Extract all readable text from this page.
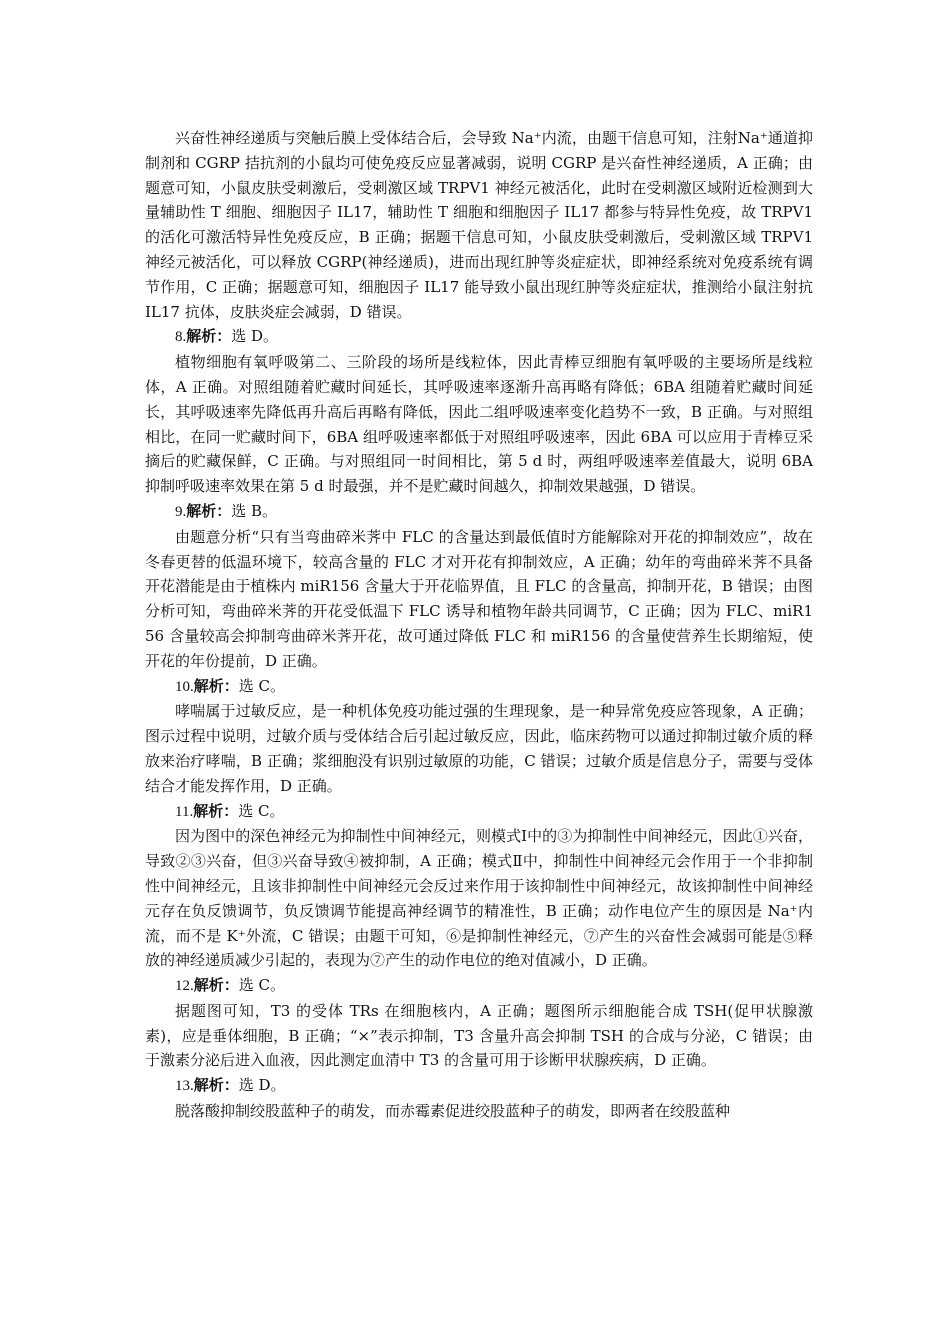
兴奋性神经递质与突触后膜上受体结合后，会导致 Na⁺内流，由题干信息可知，注射Na⁺通道抑制剂和 CGRP 拮抗剂的小鼠均可使免疫反应显著减弱，说明 CGRP 是兴奋性神经递质，A 正确；由题意可知，小鼠皮肤受刺激后，受刺激区域 TRPV1 神经元被活化，此时在受刺激区域附近检测到大量辅助性 T 细胞、细胞因子 IL17，辅助性 T 细胞和细胞因子 IL17 都参与特异性免疫，故 TRPV1 的活化可激活特异性免疫反应，B 正确；据题干信息可知，小鼠皮肤受刺激后，受刺激区域 TRPV1 神经元被活化，可以释放 CGRP(神经递质)，进而出现红肿等炎症症状，即神经系统对免疫系统有调节作用，C 正确；据题意可知，细胞因子 IL17 能导致小鼠出现红肿等炎症症状，推测给小鼠注射抗 IL17 抗体，皮肤炎症会减弱，D 错误。

8.解析：选 D。

植物细胞有氧呼吸第二、三阶段的场所是线粒体，因此青棒豆细胞有氧呼吸的主要场所是线粒体，A 正确。对照组随着贮藏时间延长，其呼吸速率逐渐升高再略有降低；6BA 组随着贮藏时间延长，其呼吸速率先降低再升高后再略有降低，因此二组呼吸速率变化趋势不一致，B 正确。与对照组相比，在同一贮藏时间下，6BA 组呼吸速率都低于对照组呼吸速率，因此 6BA 可以应用于青棒豆采摘后的贮藏保鲜，C 正确。与对照组同一时间相比，第 5 d 时，两组呼吸速率差值最大，说明 6BA 抑制呼吸速率效果在第 5 d 时最强，并不是贮藏时间越久，抑制效果越强，D 错误。

9.解析：选 B。

由题意分析“只有当弯曲碎米荠中 FLC 的含量达到最低值时方能解除对开花的抑制效应”，故在冬春更替的低温环境下，较高含量的 FLC 才对开花有抑制效应，A 正确；幼年的弯曲碎米荠不具备开花潜能是由于植株内 miR156 含量大于开花临界值，且 FLC 的含量高，抑制开花，B 错误；由图分析可知，弯曲碎米荠的开花受低温下 FLC 诱导和植物年龄共同调节，C 正确；因为 FLC、miR156 含量较高会抑制弯曲碎米荠开花，故可通过降低 FLC 和 miR156 的含量使营养生长期缩短，使开花的年份提前，D 正确。

10.解析：选 C。

哮喘属于过敏反应，是一种机体免疫功能过强的生理现象，是一种异常免疫应答现象，A 正确；图示过程中说明，过敏介质与受体结合后引起过敏反应，因此，临床药物可以通过抑制过敏介质的释放来治疗哮喘，B 正确；浆细胞没有识别过敏原的功能，C 错误；过敏介质是信息分子，需要与受体结合才能发挥作用，D 正确。

11.解析：选 C。

因为图中的深色神经元为抑制性中间神经元，则模式Ⅰ中的③为抑制性中间神经元，因此①兴奋，导致②③兴奋，但③兴奋导致④被抑制，A 正确；模式Ⅱ中，抑制性中间神经元会作用于一个非抑制性中间神经元，且该非抑制性中间神经元会反过来作用于该抑制性中间神经元，故该抑制性中间神经元存在负反馈调节，负反馈调节能提高神经调节的精准性，B 正确；动作电位产生的原因是 Na⁺内流，而不是 K⁺外流，C 错误；由题干可知，⑥是抑制性神经元，⑦产生的兴奋性会减弱可能是⑤释放的神经递质减少引起的，表现为⑦产生的动作电位的绝对值减小，D 正确。

12.解析：选 C。

据题图可知，T3 的受体 TRs 在细胞核内，A 正确；题图所示细胞能合成 TSH(促甲状腺激素)，应是垂体细胞，B 正确；“×”表示抑制，T3 含量升高会抑制 TSH 的合成与分泌，C 错误；由于激素分泌后进入血液，因此测定血清中 T3 的含量可用于诊断甲状腺疾病，D 正确。

13.解析：选 D。

脱落酸抑制绞股蓝种子的萌发，而赤霉素促进绞股蓝种子的萌发，即两者在绞股蓝种
